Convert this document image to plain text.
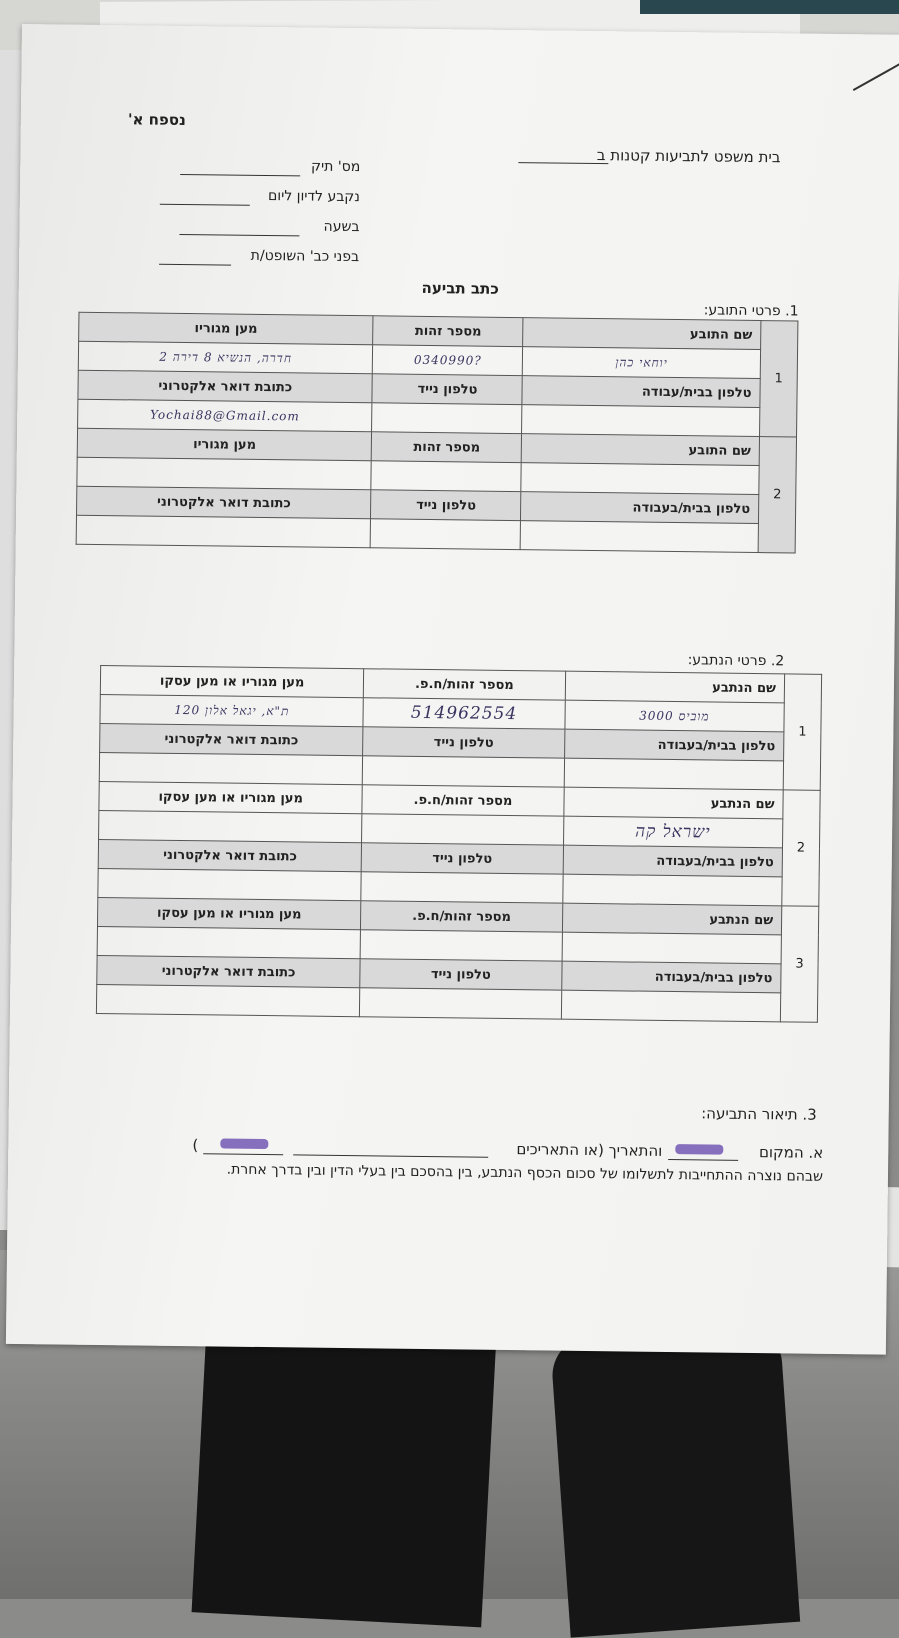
נספח א'
בית משפט לתביעות קטנות ב
מס' תיק
נקבע לדיון ליום
בשעה
בפני כב' השופט/ת
כתב תביעה
1. פרטי התובע:
1	שם התובע	מספר זהות	מען מגוריו
	יוחאי כהן	?0340990‏	חדרה, הנשיא 8 דירה 2
	טלפון בבית/עבודה	טלפון נייד	כתובת דואר אלקטרוני
			Yochai88@Gmail.com
2	שם התובע	מספר זהות	מען מגוריו

	טלפון בבית/בעבודה	טלפון נייד	כתובת דואר אלקטרוני

2. פרטי הנתבע:
1	שם הנתבע	מספר זהות/ח.פ.	מען מגוריו או מען עסקו
	מוביס 3000	514962554	ת"א, יגאל אלון 120
	טלפון בבית/בעבודה	טלפון נייד	כתובת דואר אלקטרוני

2	שם הנתבע	מספר זהות/ח.פ.	מען מגוריו או מען עסקו
	ישראל קה		
	טלפון בבית/בעבודה	טלפון נייד	כתובת דואר אלקטרוני

3	שם הנתבע	מספר זהות/ח.פ.	מען מגוריו או מען עסקו

	טלפון בבית/בעבודה	טלפון נייד	כתובת דואר אלקטרוני

3. תיאור התביעה:
א. המקום
והתאריך (או התאריכים
)
שבהם נוצרה ההתחייבות לתשלומו של סכום הכסף הנתבע, בין בהסכם בין בעלי הדין ובין בדרך אחרת.
